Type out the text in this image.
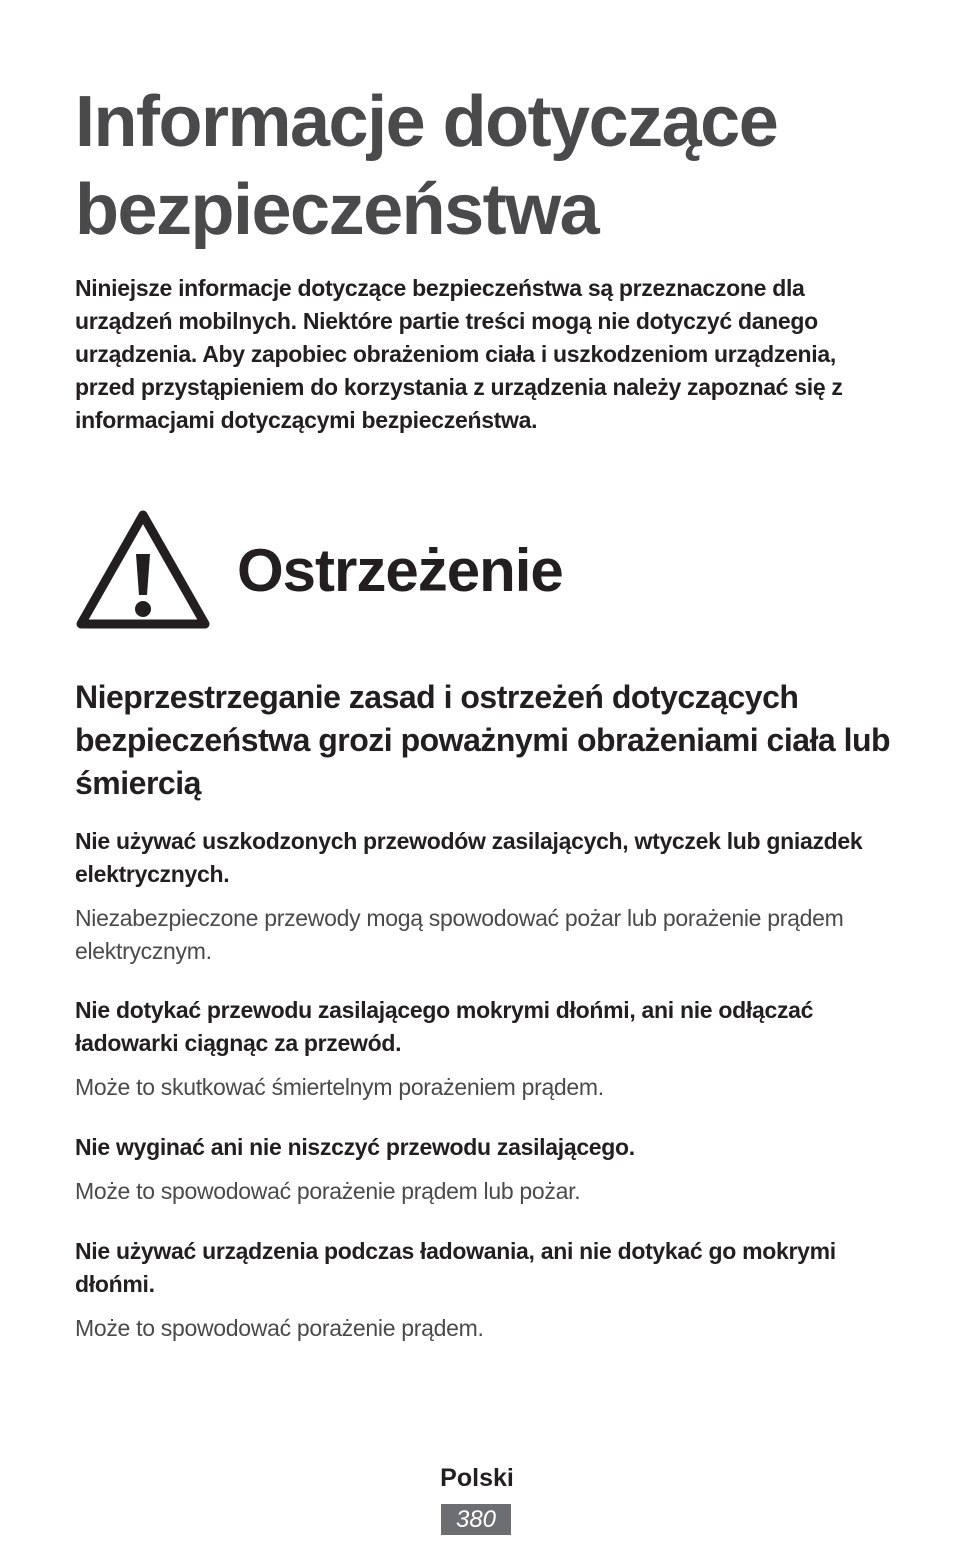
Informacje dotyczące
bezpieczeństwa

Niniejsze informacje dotyczące bezpieczeństwa są przeznaczone dla urządzeń mobilnych. Niektóre partie treści mogą nie dotyczyć danego urządzenia. Aby zapobiec obrażeniom ciała i uszkodzeniom urządzenia, przed przystąpieniem do korzystania z urządzenia należy zapoznać się z informacjami dotyczącymi bezpieczeństwa.

Ostrzeżenie
Nieprzestrzeganie zasad i ostrzeżeń dotyczących bezpieczeństwa grozi poważnymi obrażeniami ciała lub śmiercią

Nie używać uszkodzonych przewodów zasilających, wtyczek lub gniazdek elektrycznych.

Niezabezpieczone przewody mogą spowodować pożar lub porażenie prądem elektrycznym.

Nie dotykać przewodu zasilającego mokrymi dłońmi, ani nie odłączać ładowarki ciągnąc za przewód.

Może to skutkować śmiertelnym porażeniem prądem.

Nie wyginać ani nie niszczyć przewodu zasilającego.

Może to spowodować porażenie prądem lub pożar.

Nie używać urządzenia podczas ładowania, ani nie dotykać go mokrymi dłońmi.

Może to spowodować porażenie prądem.

Polski
380
